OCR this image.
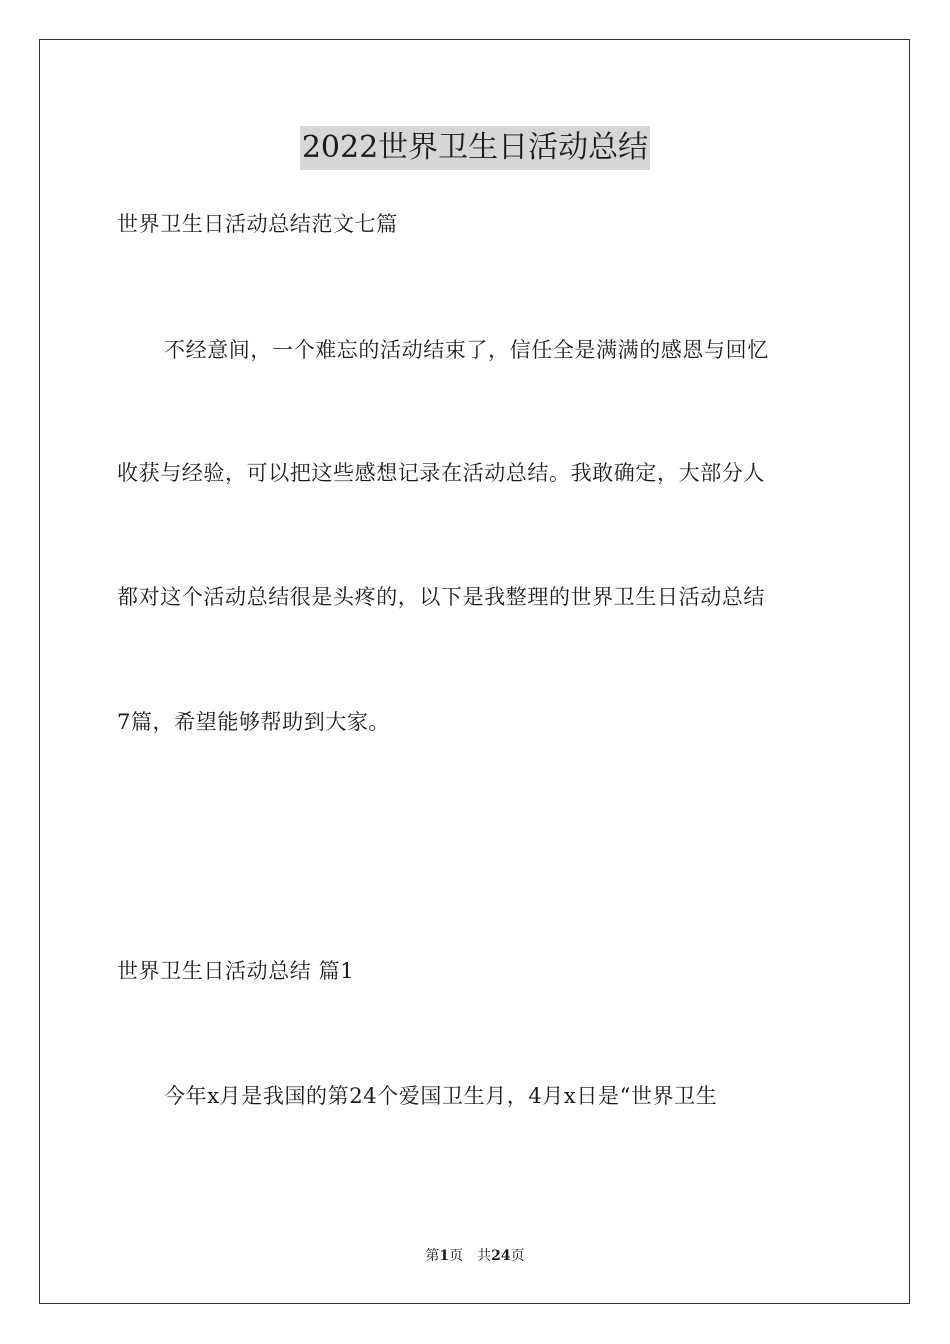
2022世界卫生日活动总结
世界卫生日活动总结范文七篇
不经意间，一个难忘的活动结束了，信任全是满满的感恩与回忆
收获与经验，可以把这些感想记录在活动总结。我敢确定，大部分人
都对这个活动总结很是头疼的，以下是我整理的世界卫生日活动总结
7篇，希望能够帮助到大家。
世界卫生日活动总结 篇1
今年x月是我国的第24个爱国卫生月，4月x日是“世界卫生
第1页 共24页
